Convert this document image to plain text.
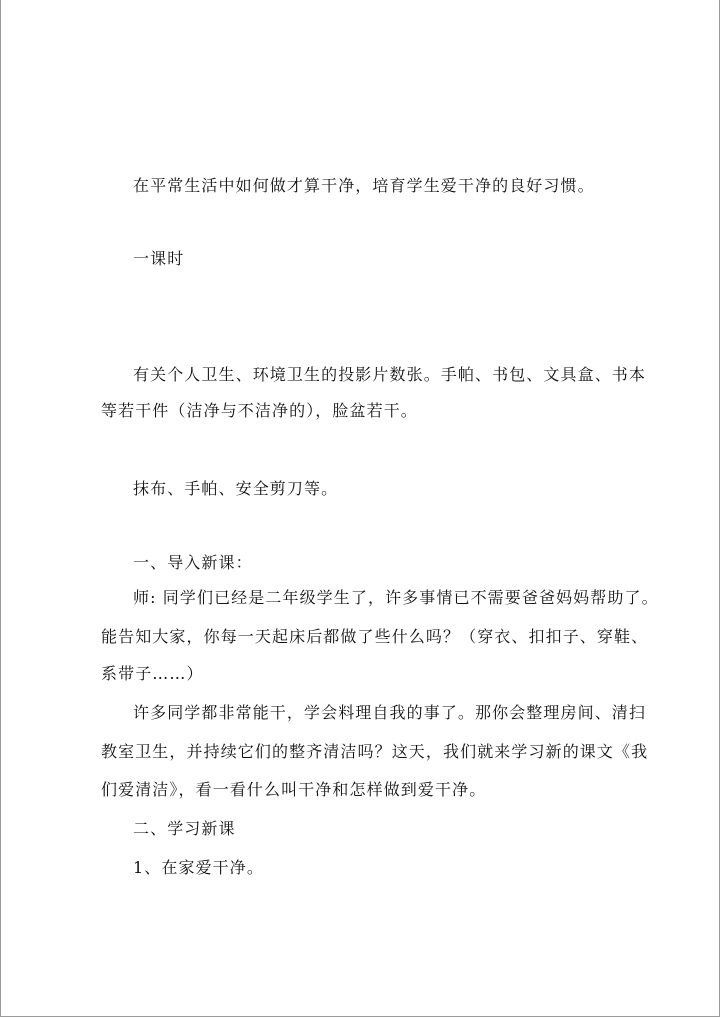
在平常生活中如何做才算干净，培育学生爱干净的良好习惯。
一课时
有关个人卫生、环境卫生的投影片数张。手帕、书包、文具盒、书本
等若干件（洁净与不洁净的），脸盆若干。
抹布、手帕、安全剪刀等。
一、导入新课：
师: 同学们已经是二年级学生了，许多事情已不需要爸爸妈妈帮助了。
能告知大家，你每一天起床后都做了些什么吗？（穿衣、扣扣子、穿鞋、
系带子……）
许多同学都非常能干，学会料理自我的事了。那你会整理房间、清扫
教室卫生，并持续它们的整齐清洁吗？这天，我们就来学习新的课文《我
们爱清洁》，看一看什么叫干净和怎样做到爱干净。
二、学习新课
1、在家爱干净。
